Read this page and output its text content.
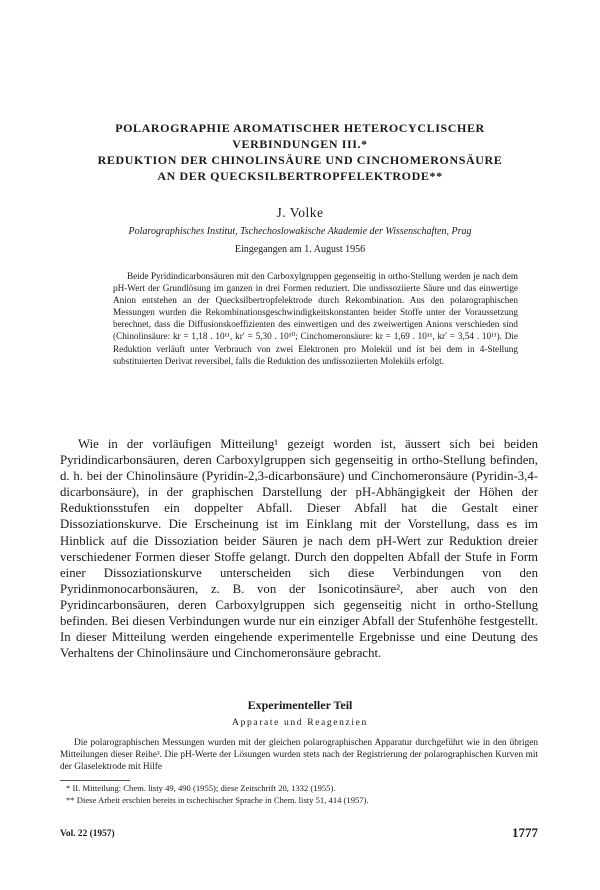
POLAROGRAPHIE AROMATISCHER HETEROCYCLISCHER
VERBINDUNGEN III.*
REDUKTION DER CHINOLINSÄURE UND CINCHOMERONSÄURE
AN DER QUECKSILBERTROPFELEKTRODE**
J. Volke
Polarographisches Institut, Tschechoslowakische Akademie der Wissenschaften, Prag
Eingegangen am 1. August 1956

Beide Pyridindicarbonsäuren mit den Carboxylgruppen gegenseitig in ortho-Stellung werden je nach dem pH-Wert der Grundlösung im ganzen in drei Formen reduziert. Die undissoziierte Säure und das einwertige Anion entstehen an der Quecksilbertropfelektrode durch Rekombination. Aus den polarographischen Messungen wurden die Rekombinationsgeschwindigkeitskonstanten beider Stoffe unter der Voraussetzung berechnet, dass die Diffusionskoeffizienten des einwertigen und des zweiwertigen Anions verschieden sind (Chinolinsäure: kr = 1,18 . 10¹¹, kr′ = 5,30 . 10¹⁰; Cinchomeronsäure: kr = 1,69 . 10¹¹, kr′ = 3,54 . 10¹¹). Die Reduktion verläuft unter Verbrauch von zwei Elektronen pro Molekül und ist bei dem in 4-Stellung substituierten Derivat reversibel, falls die Reduktion des undissoziierten Moleküls erfolgt.

Wie in der vorläufigen Mitteilung¹ gezeigt worden ist, äussert sich bei beiden Pyridindicarbonsäuren, deren Carboxylgruppen sich gegenseitig in ortho-Stellung befinden, d. h. bei der Chinolinsäure (Pyridin-2,3-dicarbonsäure) und Cinchomeronsäure (Pyridin-3,4-dicarbonsäure), in der graphischen Darstellung der pH-Abhängigkeit der Höhen der Reduktionsstufen ein doppelter Abfall. Dieser Abfall hat die Gestalt einer Dissoziationskurve. Die Erscheinung ist im Einklang mit der Vorstellung, dass es im Hinblick auf die Dissoziation beider Säuren je nach dem pH-Wert zur Reduktion dreier verschiedener Formen dieser Stoffe gelangt. Durch den doppelten Abfall der Stufe in Form einer Dissoziationskurve unterscheiden sich diese Verbindungen von den Pyridinmonocarbonsäuren, z. B. von der Isonicotinsäure², aber auch von den Pyridincarbonsäuren, deren Carboxylgruppen sich gegenseitig nicht in ortho-Stellung befinden. Bei diesen Verbindungen wurde nur ein einziger Abfall der Stufenhöhe festgestellt. In dieser Mitteilung werden eingehende experimentelle Ergebnisse und eine Deutung des Verhaltens der Chinolinsäure und Cinchomeronsäure gebracht.

Experimenteller Teil
Apparate und Reagenzien

Die polarographischen Messungen wurden mit der gleichen polarographischen Apparatur durchgeführt wie in den übrigen Mitteilungen dieser Reihe³. Die pH-Werte der Lösungen wurden stets nach der Registrierung der polarographischen Kurven mit der Glaselektrode mit Hilfe

* II. Mitteilung: Chem. listy 49, 490 (1955); diese Zeitschrift 20, 1332 (1955).
** Diese Arbeit erschien bereits in tschechischer Sprache in Chem. listy 51, 414 (1957).
Vol. 22 (1957)	1777
